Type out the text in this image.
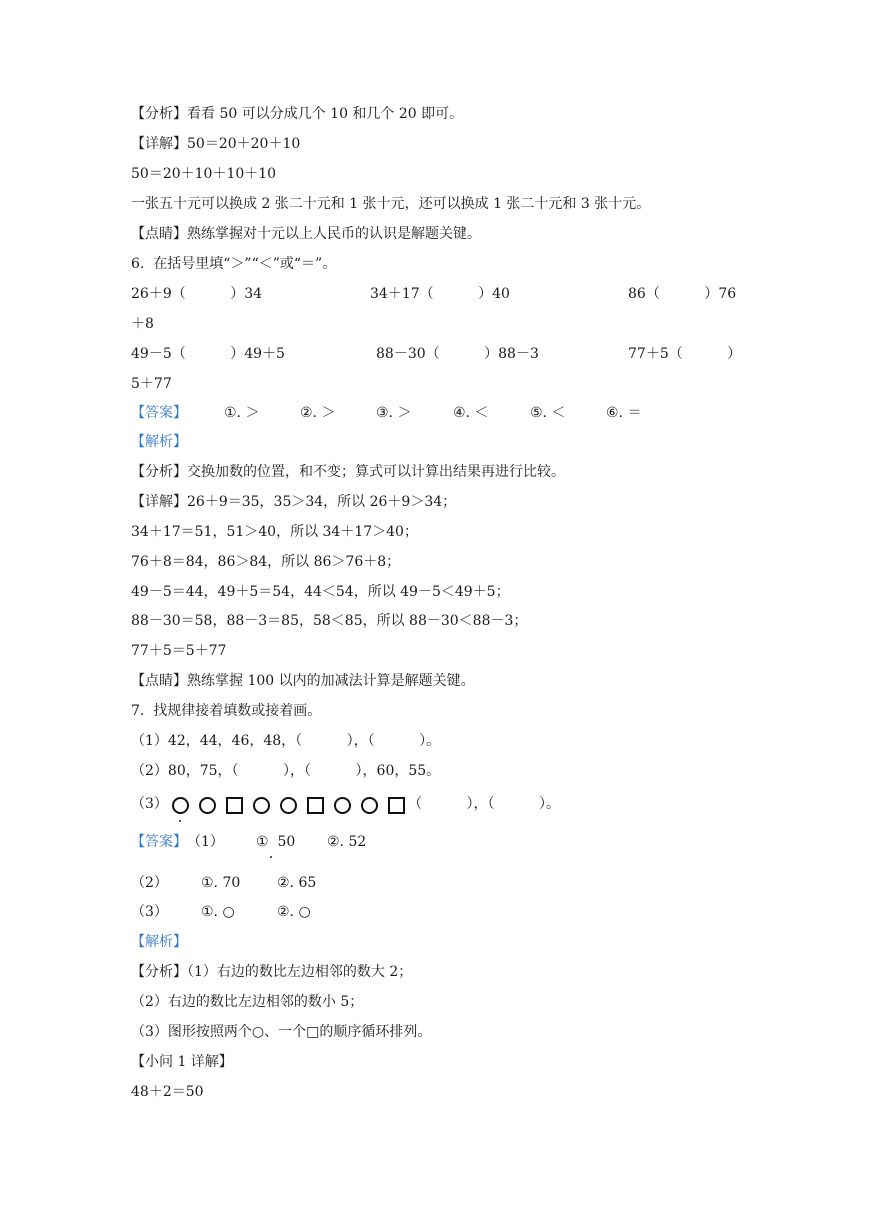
【分析】看看 50 可以分成几个 10 和几个 20 即可。
【详解】50＝20＋20＋10
50＝20＋10＋10＋10
一张五十元可以换成 2 张二十元和 1 张十元，还可以换成 1 张二十元和 3 张十元。
【点睛】熟练掌握对十元以上人民币的认识是解题关键。
6.  在括号里填“＞”“＜”或“＝”。
26＋9（          ）34	34＋17（          ）40	86（          ）76
＋8
49－5（          ）49＋5	88－30（          ）88－3	77＋5（          ）
5＋77
【答案】	①. ＞	②. ＞	③. ＞	④. ＜	⑤. ＜	⑥. ＝
【解析】
【分析】交换加数的位置，和不变；算式可以计算出结果再进行比较。
【详解】26＋9＝35，35＞34，所以 26＋9＞34；
34＋17＝51，51＞40，所以 34＋17＞40；
76＋8＝84，86＞84，所以 86＞76＋8；
49－5＝44，49＋5＝54，44＜54，所以 49－5＜49＋5；
88－30＝58，88－3＝85，58＜85，所以 88－30＜88－3；
77＋5＝5＋77
【点睛】熟练掌握 100 以内的加减法计算是解题关键。
7.  找规律接着填数或接着画。
（1）42，44，46，48，（          ），（          ）。
（2）80，75，（          ），（          ），60，55。
（3）	（          ），（          ）。
【答案】 （1） ①  50 ②. 52
（2） ①. 70	②. 65
（3） ①. ○	②. ○
【解析】
【分析】（1）右边的数比左边相邻的数大 2；
（2）右边的数比左边相邻的数小 5；
（3）图形按照两个○、一个□的顺序循环排列。
【小问 1 详解】
48＋2＝50
